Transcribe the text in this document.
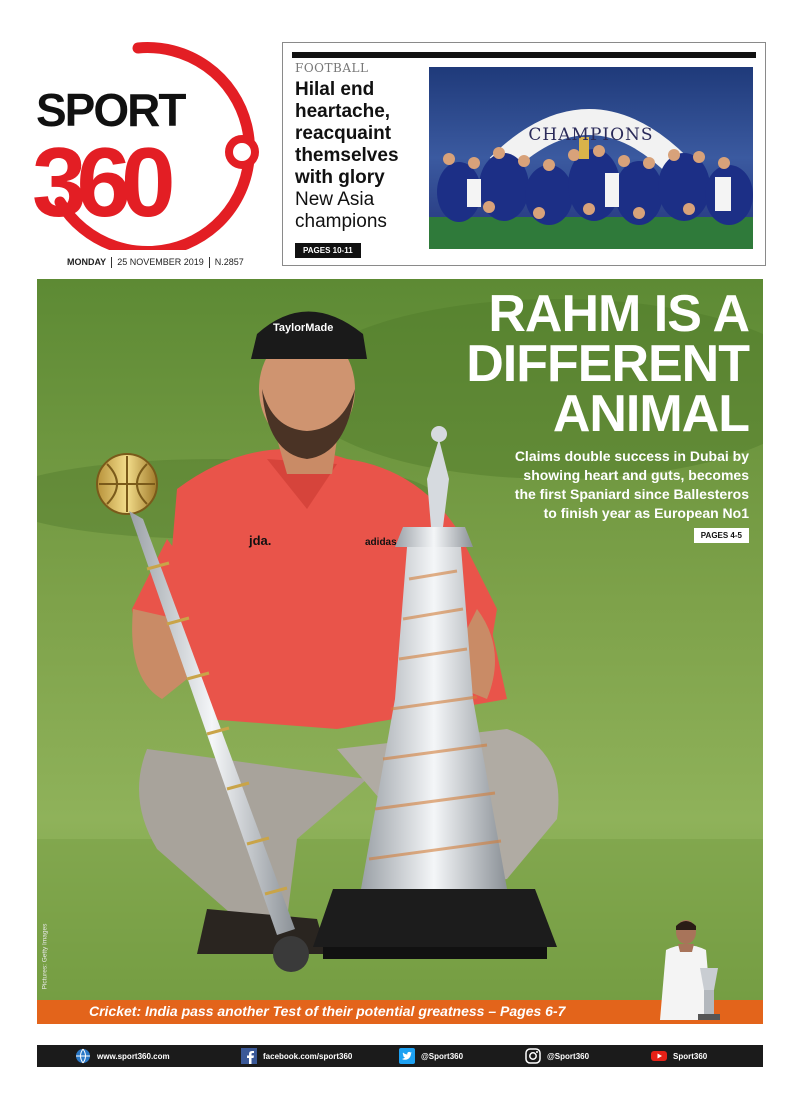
SPORT
360
MONDAY 25 NOVEMBER 2019 N.2857
FOOTBALL
Hilal end
heartache,
reacquaint
themselves
with glory
New Asia
champions
PAGES 10-11
CHAMPIONS
TaylorMade
jda.	adidas
RAHM IS A
DIFFERENT
ANIMAL
Claims double success in Dubai by
showing heart and guts, becomes
the first Spaniard since Ballesteros
to finish year as European No1
PAGES 4-5
Pictures: Getty Images
Cricket: India pass another Test of their potential greatness – Pages 6-7
www.sport360.com	facebook.com/sport360	@Sport360	@Sport360	Sport360
